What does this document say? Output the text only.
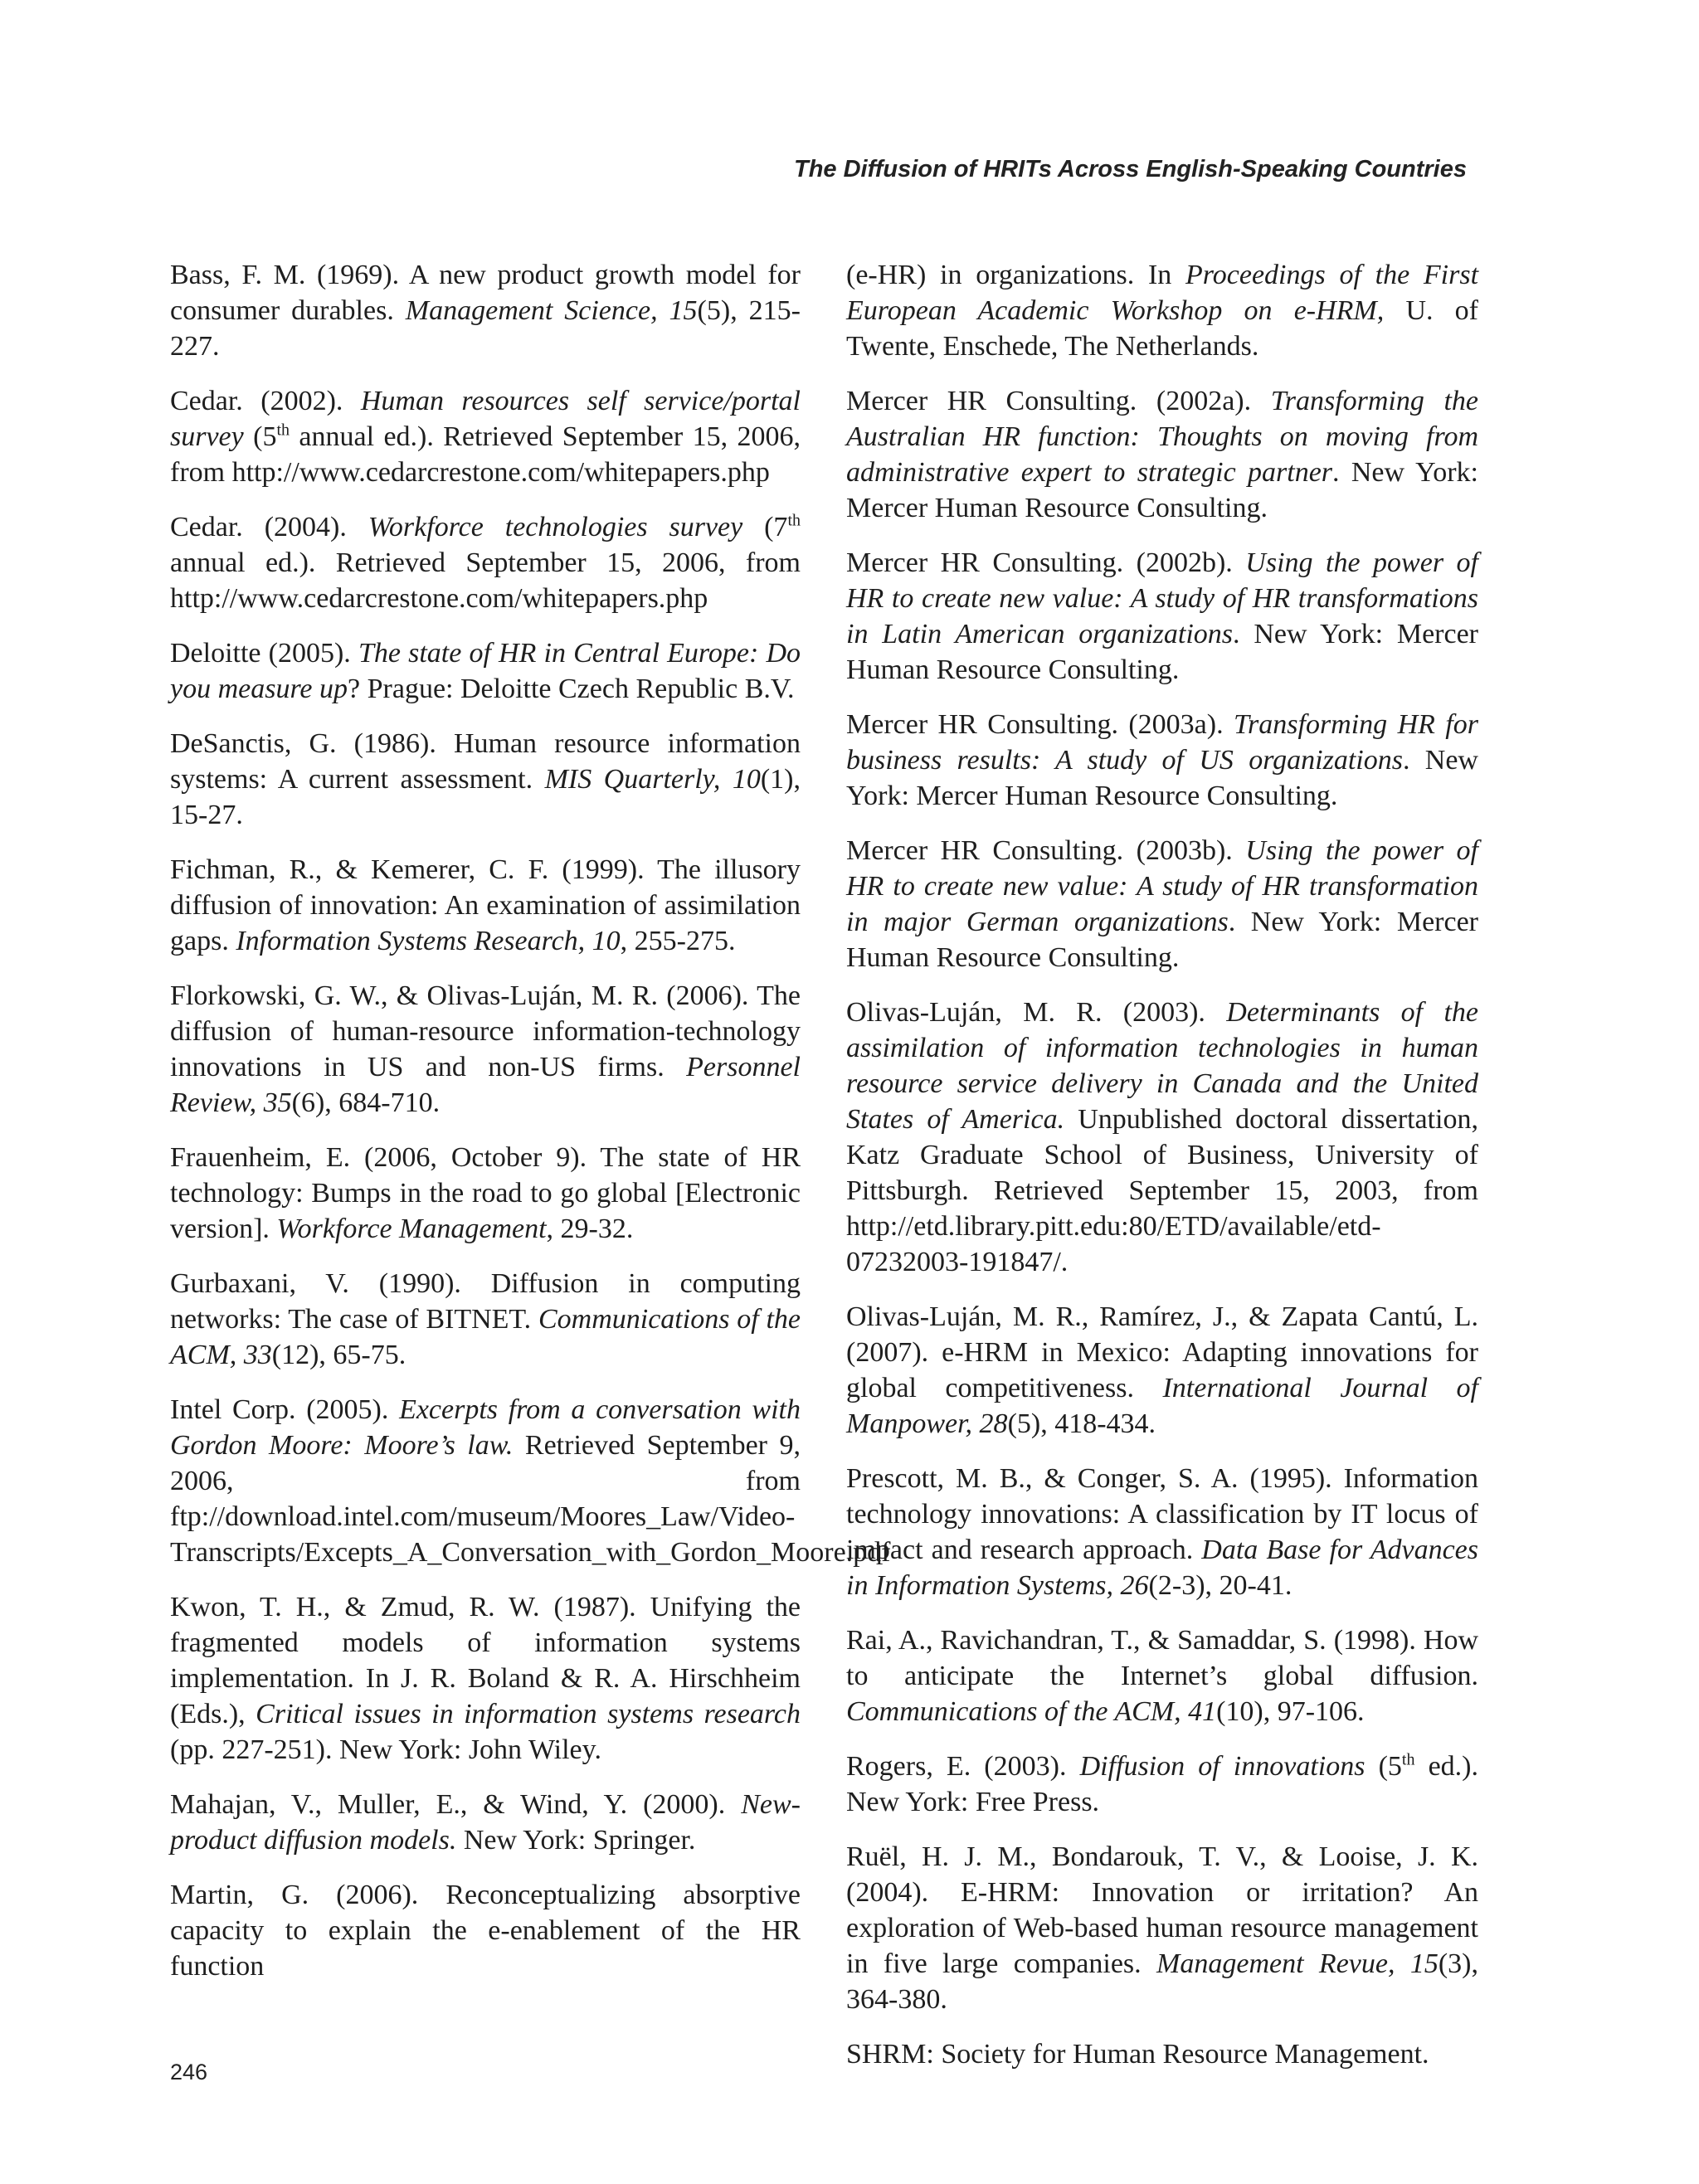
The Diffusion of HRITs Across English-Speaking Countries

Bass, F. M. (1969). A new product growth model for consumer durables. Management Science, 15(5), 215-227.

Cedar. (2002). Human resources self service/portal survey (5th annual ed.). Retrieved September 15, 2006, from http://www.cedarcrestone.com/whitepapers.php

Cedar. (2004). Workforce technologies survey (7th annual ed.). Retrieved September 15, 2006, from http://www.cedarcrestone.com/whitepapers.php

Deloitte (2005). The state of HR in Central Europe: Do you measure up? Prague: Deloitte Czech Republic B.V.

DeSanctis, G. (1986). Human resource information systems: A current assessment. MIS Quarterly, 10(1), 15-27.

Fichman, R., & Kemerer, C. F. (1999). The illusory diffusion of innovation: An examination of assimilation gaps. Information Systems Research, 10, 255-275.

Florkowski, G. W., & Olivas-Luján, M. R. (2006). The diffusion of human-resource information-technology innovations in US and non-US firms. Personnel Review, 35(6), 684-710.

Frauenheim, E. (2006, October 9). The state of HR technology: Bumps in the road to go global [Electronic version]. Workforce Management, 29-32.

Gurbaxani, V. (1990). Diffusion in computing networks: The case of BITNET. Communications of the ACM, 33(12), 65-75.

Intel Corp. (2005). Excerpts from a conversation with Gordon Moore: Moore’s law. Retrieved September 9, 2006, from ftp://download.intel.com/museum/Moores_Law/Video-Transcripts/Excepts_A_Conversation_with_Gordon_Moore.pdf

Kwon, T. H., & Zmud, R. W. (1987). Unifying the fragmented models of information systems implementation. In J. R. Boland & R. A. Hirschheim (Eds.), Critical issues in information systems research (pp. 227-251). New York: John Wiley.

Mahajan, V., Muller, E., & Wind, Y. (2000). New-product diffusion models. New York: Springer.

Martin, G. (2006). Reconceptualizing absorptive capacity to explain the e-enablement of the HR function

(e-HR) in organizations. In Proceedings of the First European Academic Workshop on e-HRM, U. of Twente, Enschede, The Netherlands.

Mercer HR Consulting. (2002a). Transforming the Australian HR function: Thoughts on moving from administrative expert to strategic partner. New York: Mercer Human Resource Consulting.

Mercer HR Consulting. (2002b). Using the power of HR to create new value: A study of HR transformations in Latin American organizations. New York: Mercer Human Resource Consulting.

Mercer HR Consulting. (2003a). Transforming HR for business results: A study of US organizations. New York: Mercer Human Resource Consulting.

Mercer HR Consulting. (2003b). Using the power of HR to create new value: A study of HR transformation in major German organizations. New York: Mercer Human Resource Consulting.

Olivas-Luján, M. R. (2003). Determinants of the assimilation of information technologies in human resource service delivery in Canada and the United States of America. Unpublished doctoral dissertation, Katz Graduate School of Business, University of Pittsburgh. Retrieved September 15, 2003, from http://etd.library.pitt.edu:80/ETD/available/etd-07232003-191847/.

Olivas-Luján, M. R., Ramírez, J., & Zapata Cantú, L. (2007). e-HRM in Mexico: Adapting innovations for global competitiveness. International Journal of Manpower, 28(5), 418-434.

Prescott, M. B., & Conger, S. A. (1995). Information technology innovations: A classification by IT locus of impact and research approach. Data Base for Advances in Information Systems, 26(2-3), 20-41.

Rai, A., Ravichandran, T., & Samaddar, S. (1998). How to anticipate the Internet’s global diffusion. Communications of the ACM, 41(10), 97-106.

Rogers, E. (2003). Diffusion of innovations (5th ed.). New York: Free Press.

Ruël, H. J. M., Bondarouk, T. V., & Looise, J. K. (2004). E-HRM: Innovation or irritation? An exploration of Web-based human resource management in five large companies. Management Revue, 15(3), 364-380.

SHRM: Society for Human Resource Management.

246
